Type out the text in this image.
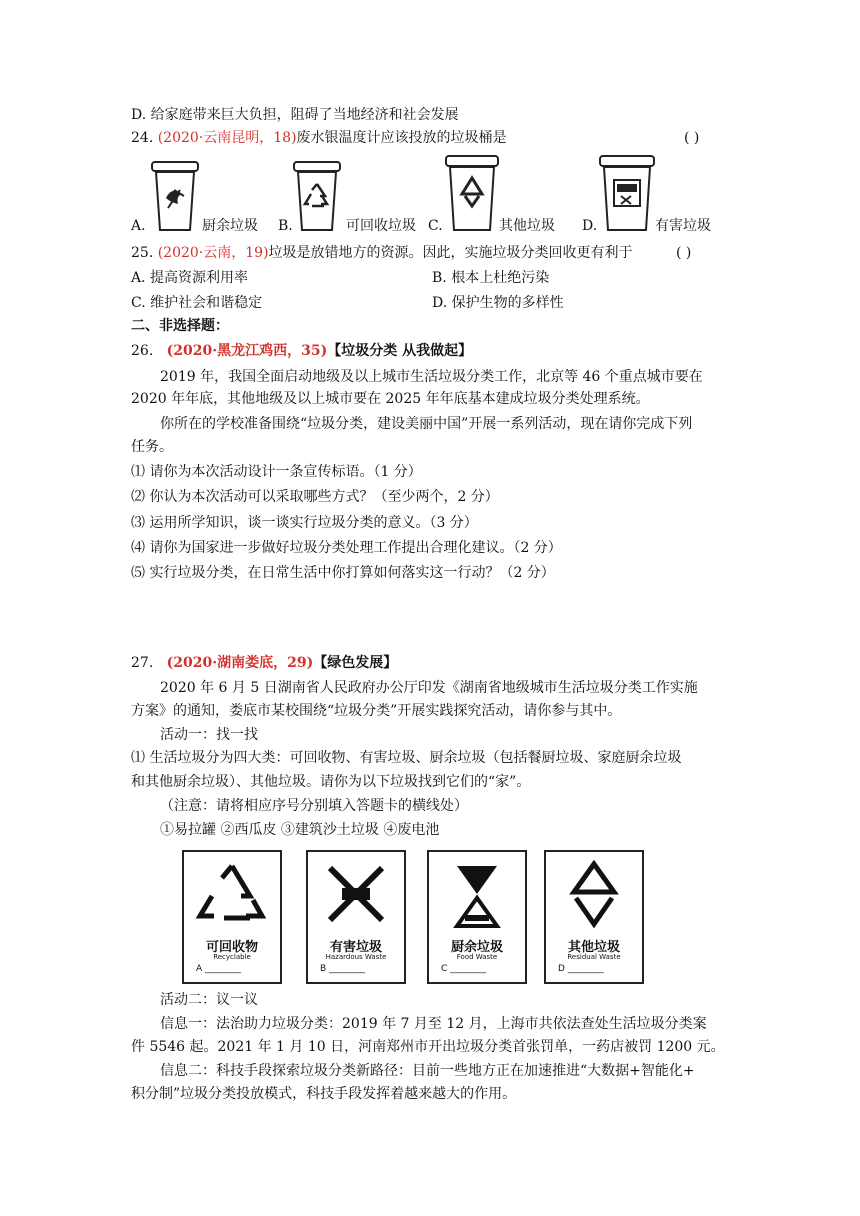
D. 给家庭带来巨大负担，阻碍了当地经济和社会发展
24. (2020·云南昆明，18)废水银温度计应该投放的垃圾桶是	( )
A.	厨余垃圾 B.	可回收垃圾 C.	其他垃圾 D.	有害垃圾
25. (2020·云南，19)垃圾是放错地方的资源。因此，实施垃圾分类回收更有利于	( )
A. 提高资源利用率	B. 根本上杜绝污染
C. 维护社会和谐稳定	D. 保护生物的多样性
二、非选择题：
26. (2020·黑龙江鸡西，35)【垃圾分类 从我做起】
2019 年，我国全面启动地级及以上城市生活垃圾分类工作，北京等 46 个重点城市要在
2020 年年底，其他地级及以上城市要在 2025 年年底基本建成垃圾分类处理系统。
你所在的学校准备围绕“垃圾分类，建设美丽中国”开展一系列活动，现在请你完成下列
任务。
⑴ 请你为本次活动设计一条宣传标语。（1 分）
⑵ 你认为本次活动可以采取哪些方式？（至少两个，2 分）
⑶ 运用所学知识，谈一谈实行垃圾分类的意义。（3 分）
⑷ 请你为国家进一步做好垃圾分类处理工作提出合理化建议。（2 分）
⑸ 实行垃圾分类，在日常生活中你打算如何落实这一行动？（2 分）
27. (2020·湖南娄底，29)【绿色发展】
2020 年 6 月 5 日湖南省人民政府办公厅印发《湖南省地级城市生活垃圾分类工作实施
方案》的通知，娄底市某校围绕“垃圾分类”开展实践探究活动，请你参与其中。
活动一：找一找
⑴ 生活垃圾分为四大类：可回收物、有害垃圾、厨余垃圾（包括餐厨垃圾、家庭厨余垃圾
和其他厨余垃圾）、其他垃圾。请你为以下垃圾找到它们的“家”。
（注意：请将相应序号分别填入答题卡的横线处）
①易拉罐 ②西瓜皮 ③建筑沙土垃圾 ④废电池
可回收物
Recyclable
A ________
有害垃圾
Hazardous Waste
B ________
厨余垃圾
Food Waste
C ________
其他垃圾
Residual Waste
D ________
活动二：议一议
信息一：法治助力垃圾分类：2019 年 7 月至 12 月，上海市共依法查处生活垃圾分类案
件 5546 起。2021 年 1 月 10 日，河南郑州市开出垃圾分类首张罚单，一药店被罚 1200 元。
信息二：科技手段探索垃圾分类新路径：目前一些地方正在加速推进“大数据+智能化+
积分制”垃圾分类投放模式，科技手段发挥着越来越大的作用。
